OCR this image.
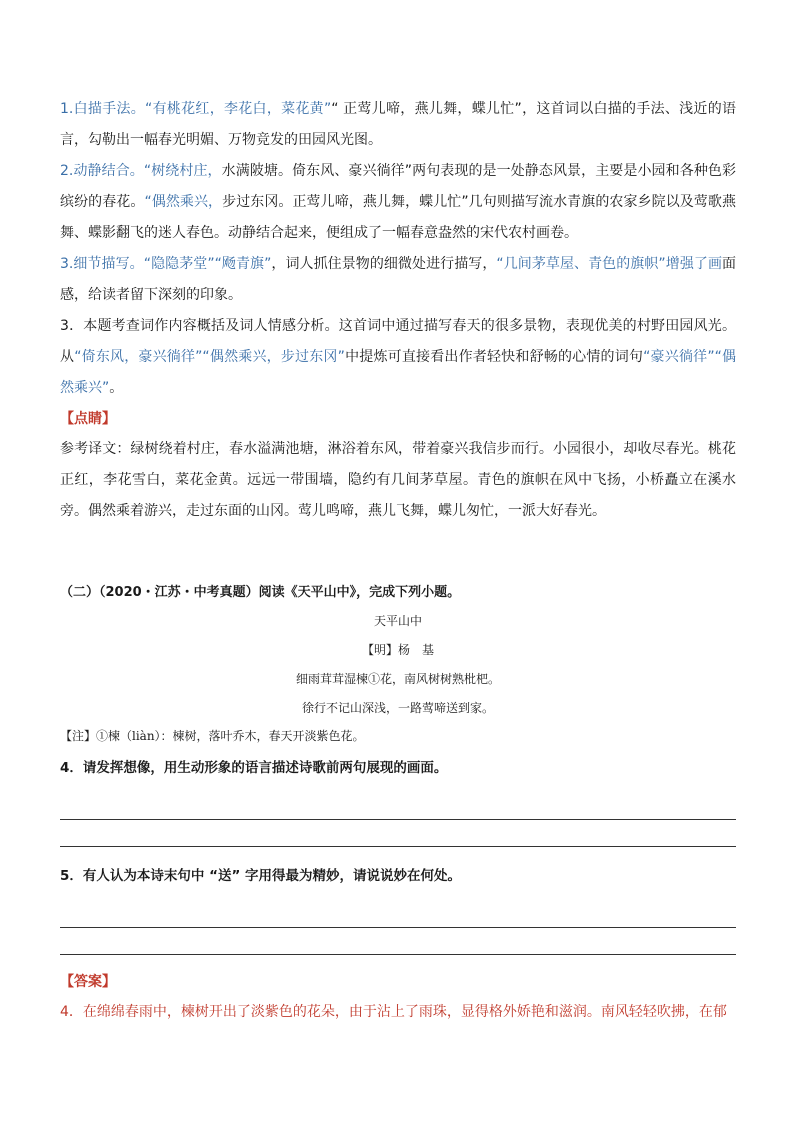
1.白描手法。“有桃花红，李花白，菜花黄”“ 正莺儿啼，燕儿舞，蝶儿忙”，这首词以白描的手法、浅近的语言，勾勒出一幅春光明媚、万物竞发的田园风光图。

2.动静结合。“树绕村庄，水满陂塘。倚东风、豪兴徜徉”两句表现的是一处静态风景，主要是小园和各种色彩缤纷的春花。“偶然乘兴，步过东冈。正莺儿啼，燕儿舞，蝶儿忙”几句则描写流水青旗的农家乡院以及莺歌燕舞、蝶影翻飞的迷人春色。动静结合起来，便组成了一幅春意盎然的宋代农村画卷。

3.细节描写。“隐隐茅堂”“飏青旗”，词人抓住景物的细微处进行描写，“几间茅草屋、青色的旗帜”增强了画面感，给读者留下深刻的印象。

3．本题考查词作内容概括及词人情感分析。这首词中通过描写春天的很多景物，表现优美的村野田园风光。从“倚东风，豪兴徜徉”“偶然乘兴，步过东冈”中提炼可直接看出作者轻快和舒畅的心情的词句“豪兴徜徉”“偶然乘兴”。

【点睛】

参考译文：绿树绕着村庄，春水溢满池塘，淋浴着东风，带着豪兴我信步而行。小园很小，却收尽春光。桃花正红，李花雪白，菜花金黄。远远一带围墙，隐约有几间茅草屋。青色的旗帜在风中飞扬，小桥矗立在溪水旁。偶然乘着游兴，走过东面的山冈。莺儿鸣啼，燕儿飞舞，蝶儿匆忙，一派大好春光。

（二）（2020・江苏・中考真题）阅读《天平山中》，完成下列小题。
天平山中
【明】杨　基
细雨茸茸湿楝①花，南风树树熟枇杷。
徐行不记山深浅，一路莺啼送到家。
【注】①楝（liàn）：楝树，落叶乔木，春天开淡紫色花。
4．请发挥想像，用生动形象的语言描述诗歌前两句展现的画面。
5．有人认为本诗末句中 “送” 字用得最为精妙，请说说妙在何处。
【答案】
4．在绵绵春雨中，楝树开出了淡紫色的花朵，由于沾上了雨珠，显得格外娇艳和滋润。南风轻轻吹拂，在郁
